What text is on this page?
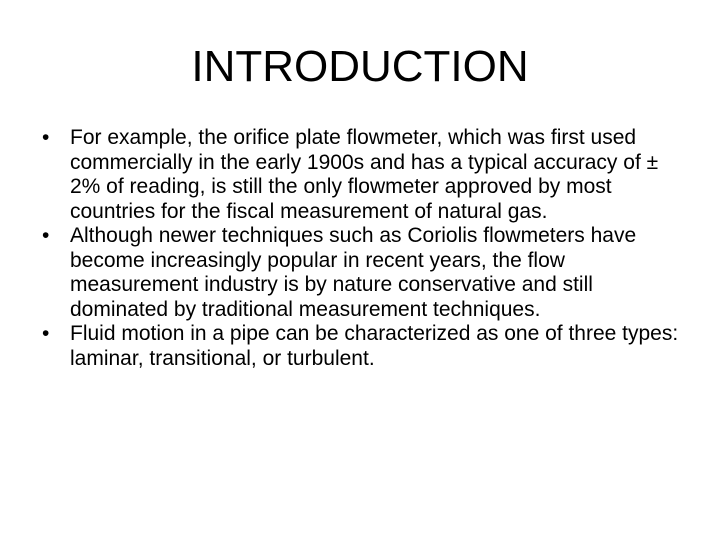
INTRODUCTION
• For example, the orifice plate flowmeter, which was first used commercially in the early 1900s and has a typical accuracy of ± 2% of reading, is still the only flowmeter approved by most countries for the fiscal measurement of natural gas.
• Although newer techniques such as Coriolis flowmeters have become increasingly popular in recent years, the flow measurement industry is by nature conservative and still dominated by traditional measurement techniques.
• Fluid motion in a pipe can be characterized as one of three types: laminar, transitional, or turbulent.
